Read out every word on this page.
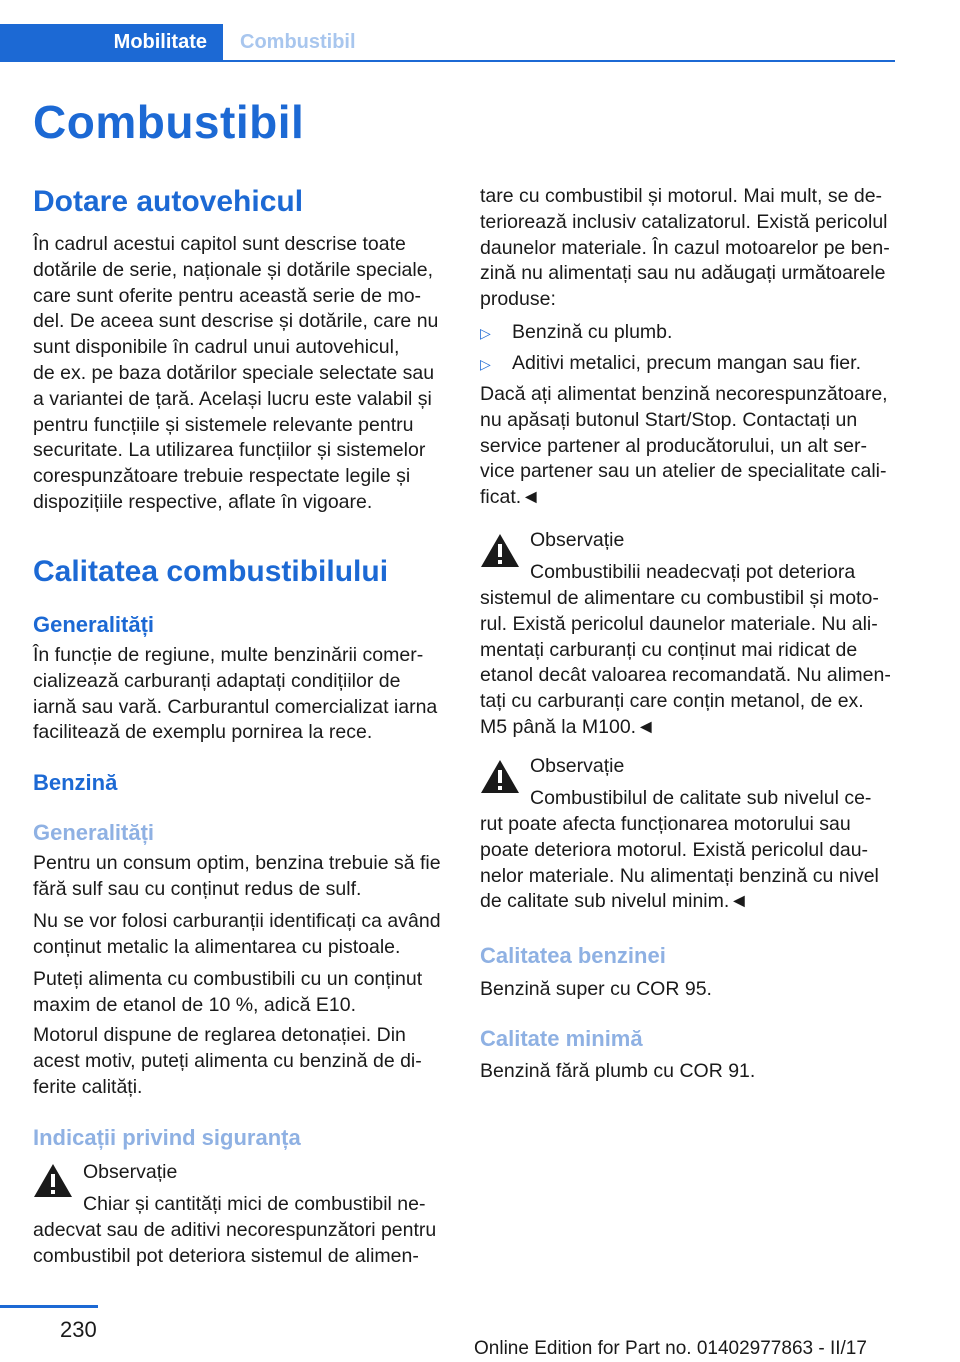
Mobilitate	Combustibil
Combustibil
Dotare autovehicul
În cadrul acestui capitol sunt descrise toate
dotările de serie, naționale și dotările speciale,
care sunt oferite pentru această serie de mo‐
del. De aceea sunt descrise și dotările, care nu
sunt disponibile în cadrul unui autovehicul,
de ex. pe baza dotărilor speciale selectate sau
a variantei de țară. Același lucru este valabil și
pentru funcțiile și sistemele relevante pentru
securitate. La utilizarea funcțiilor și sistemelor
corespunzătoare trebuie respectate legile și
dispozițiile respective, aflate în vigoare.
Calitatea combustibilului
Generalități
În funcție de regiune, multe benzinării comer‐
cializează carburanți adaptați condițiilor de
iarnă sau vară. Carburantul comercializat iarna
facilitează de exemplu pornirea la rece.
Benzină
Generalități
Pentru un consum optim, benzina trebuie să fie
fără sulf sau cu conținut redus de sulf.
Nu se vor folosi carburanții identificați ca având
conținut metalic la alimentarea cu pistoale.
Puteți alimenta cu combustibili cu un conținut
maxim de etanol de 10 %, adică E10.
Motorul dispune de reglarea detonației. Din
acest motiv, puteți alimenta cu benzină de di‐
ferite calități.
Indicații privind siguranța
Observație
Chiar și cantități mici de combustibil ne‐
adecvat sau de aditivi necorespunzători pentru
combustibil pot deteriora sistemul de alimen‐
tare cu combustibil și motorul. Mai mult, se de‐
teriorează inclusiv catalizatorul. Există pericolul
daunelor materiale. În cazul motoarelor pe ben‐
zină nu alimentați sau nu adăugați următoarele
produse:
▷ Benzină cu plumb.
▷ Aditivi metalici, precum mangan sau fier.
Dacă ați alimentat benzină necorespunzătoare,
nu apăsați butonul Start/Stop. Contactați un
service partener al producătorului, un alt ser‐
vice partener sau un atelier de specialitate cali‐
ficat.◄
Observație
Combustibilii neadecvați pot deteriora
sistemul de alimentare cu combustibil și moto‐
rul. Există pericolul daunelor materiale. Nu ali‐
mentați carburanți cu conținut mai ridicat de
etanol decât valoarea recomandată. Nu alimen‐
tați cu carburanți care conțin metanol, de ex.
M5 până la M100.◄
Observație
Combustibilul de calitate sub nivelul ce‐
rut poate afecta funcționarea motorului sau
poate deteriora motorul. Există pericolul dau‐
nelor materiale. Nu alimentați benzină cu nivel
de calitate sub nivelul minim.◄
Calitatea benzinei
Benzină super cu COR 95.
Calitate minimă
Benzină fără plumb cu COR 91.
230
Online Edition for Part no. 01402977863 - II/17
